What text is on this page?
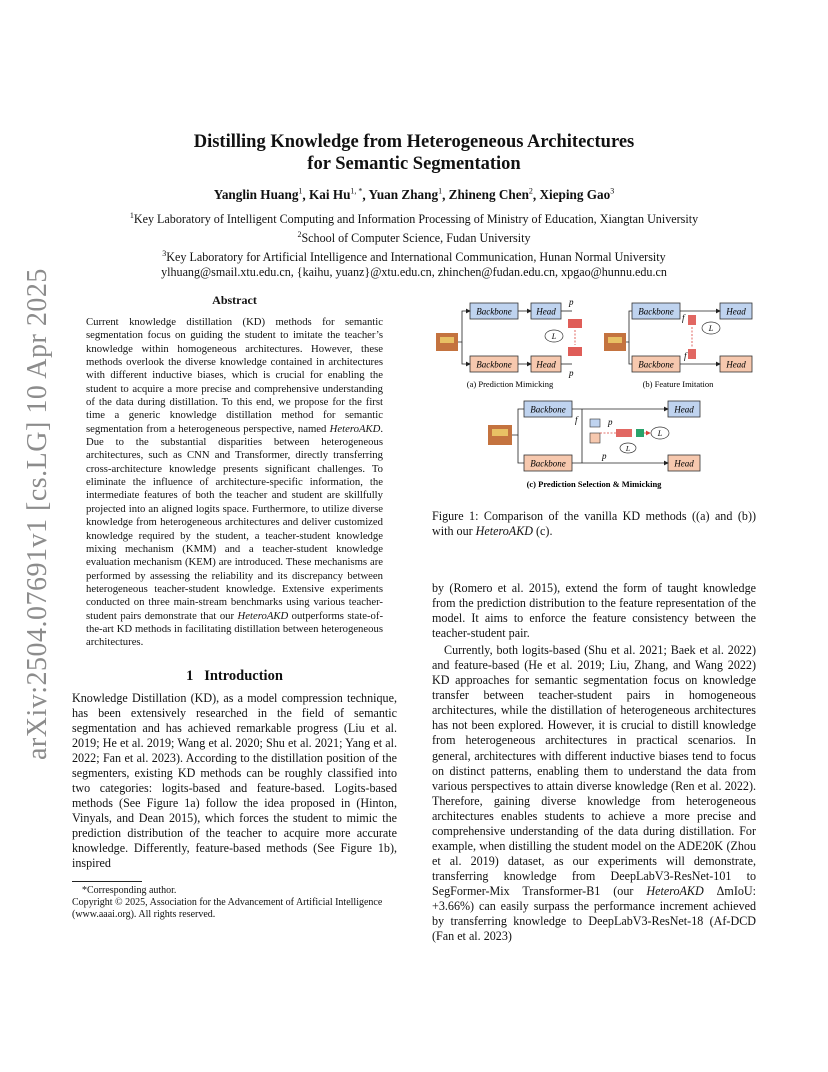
arXiv:2504.07691v1 [cs.LG] 10 Apr 2025
Distilling Knowledge from Heterogeneous Architectures
for Semantic Segmentation
Yanglin Huang$^1$, Kai $Hu^{1, *}$, Yuan Zhang$^1$, Zhineng Chen$^2$, Xieping Gao$^3$

$^1$Key Laboratory of Intelligent Computing and Information Processing of Ministry of Education, Xiangtan University

$^2$School of Computer Science, Fudan University

$^3$Key Laboratory for Artificial Intelligence and International Communication, Hunan Normal University

ylhuang@smail.xtu.edu.cn, {kaihu, yuanz}@xtu.edu.cn, zhinchen@fudan.edu.cn, xpgao@hunnu.edu.cn

Abstract

Current knowledge distillation (KD) methods for semantic segmentation focus on guiding the student to imitate the teacher’s knowledge within homogeneous architectures. However, these methods overlook the diverse knowledge contained in architectures with different inductive biases, which is crucial for enabling the student to acquire a more precise and comprehensive understanding of the data during distillation. To this end, we propose for the first time a generic knowledge distillation method for semantic segmentation from a heterogeneous perspective, named HeteroAKD. Due to the substantial disparities between heterogeneous architectures, such as CNN and Transformer, directly transferring cross-architecture knowledge presents significant challenges. To eliminate the influence of architecture-specific information, the intermediate features of both the teacher and student are skillfully projected into an aligned logits space. Furthermore, to utilize diverse knowledge from heterogeneous architectures and deliver customized knowledge required by the student, a teacher-student knowledge mixing mechanism (KMM) and a teacher-student knowledge evaluation mechanism (KEM) are introduced. These mechanisms are performed by assessing the reliability and its discrepancy between heterogeneous teacher-student knowledge. Extensive experiments conducted on three main-stream benchmarks using various teacher-student pairs demonstrate that our HeteroAKD outperforms state-of-the-art KD methods in facilitating distillation between heterogeneous architectures.

1 Introduction

Knowledge Distillation (KD), as a model compression technique, has been extensively researched in the field of semantic segmentation and has achieved remarkable progress (Liu et al. 2019; He et al. 2019; Wang et al. 2020; Shu et al. 2021; Yang et al. 2022; Fan et al. 2023). According to the distillation position of the segmenters, existing KD methods can be roughly classified into two categories: logits-based and feature-based. Logits-based methods (See Figure 1a) follow the idea proposed in (Hinton, Vinyals, and Dean 2015), which forces the student to mimic the prediction distribution of the teacher to acquire more accurate knowledge. Differently, feature-based methods (See Figure 1b), inspired

*Corresponding author.

Copyright © 2025, Association for the Advancement of Artificial Intelligence (www.aaai.org). All rights reserved.

Backbone	Head
Backbone	Head
L
p
p
(a) Prediction Mimicking
Backbone	Head
Backbone	Head
L
f
f
(b) Feature Imitation
Backbone	Head
Backbone	Head
L
L
f	p
p
(c) Prediction Selection & Mimicking
Figure 1: Comparison of the vanilla KD methods ((a) and (b)) with our HeteroAKD (c).

by (Romero et al. 2015), extend the form of taught knowledge from the prediction distribution to the feature representation of the model. It aims to enforce the feature consistency between the teacher-student pair.

Currently, both logits-based (Shu et al. 2021; Baek et al. 2022) and feature-based (He et al. 2019; Liu, Zhang, and Wang 2022) KD approaches for semantic segmentation focus on knowledge transfer between teacher-student pairs in homogeneous architectures, while the distillation of heterogeneous architectures has not been explored. However, it is crucial to distill knowledge from heterogeneous architectures in practical scenarios. In general, architectures with different inductive biases tend to focus on distinct patterns, enabling them to understand the data from various perspectives to attain diverse knowledge (Ren et al. 2022). Therefore, gaining diverse knowledge from heterogeneous architectures enables students to achieve a more precise and comprehensive understanding of the data during distillation. For example, when distilling the student model on the ADE20K (Zhou et al. 2019) dataset, as our experiments will demonstrate, transferring knowledge from DeepLabV3-ResNet-101 to SegFormer-Mix Transformer-B1 (our HeteroAKD ΔmIoU: +3.66%) can easily surpass the performance increment achieved by transferring knowledge to DeepLabV3-ResNet-18 (Af-DCD (Fan et al. 2023)
